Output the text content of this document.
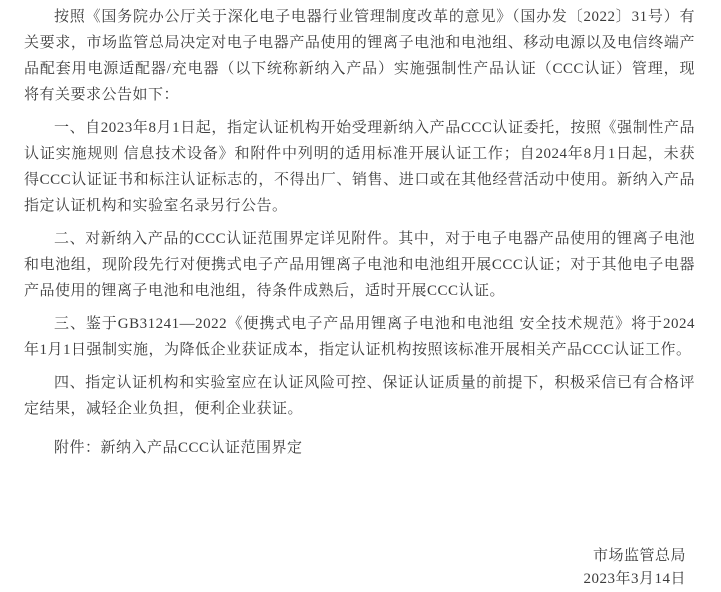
按照《国务院办公厅关于深化电子电器行业管理制度改革的意见》（国办发〔2022〕31号）有关要求，市场监管总局决定对电子电器产品使用的锂离子电池和电池组、移动电源以及电信终端产品配套用电源适配器/充电器（以下统称新纳入产品）实施强制性产品认证（CCC认证）管理，现将有关要求公告如下：

一、自2023年8月1日起，指定认证机构开始受理新纳入产品CCC认证委托，按照《强制性产品认证实施规则 信息技术设备》和附件中列明的适用标准开展认证工作；自2024年8月1日起，未获得CCC认证证书和标注认证标志的，不得出厂、销售、进口或在其他经营活动中使用。新纳入产品指定认证机构和实验室名录另行公告。

二、对新纳入产品的CCC认证范围界定详见附件。其中，对于电子电器产品使用的锂离子电池和电池组，现阶段先行对便携式电子产品用锂离子电池和电池组开展CCC认证；对于其他电子电器产品使用的锂离子电池和电池组，待条件成熟后，适时开展CCC认证。

三、鉴于GB31241—2022《便携式电子产品用锂离子电池和电池组 安全技术规范》将于2024年1月1日强制实施，为降低企业获证成本，指定认证机构按照该标准开展相关产品CCC认证工作。

四、指定认证机构和实验室应在认证风险可控、保证认证质量的前提下，积极采信已有合格评定结果，减轻企业负担，便利企业获证。

附件：新纳入产品CCC认证范围界定

市场监管总局
2023年3月14日
